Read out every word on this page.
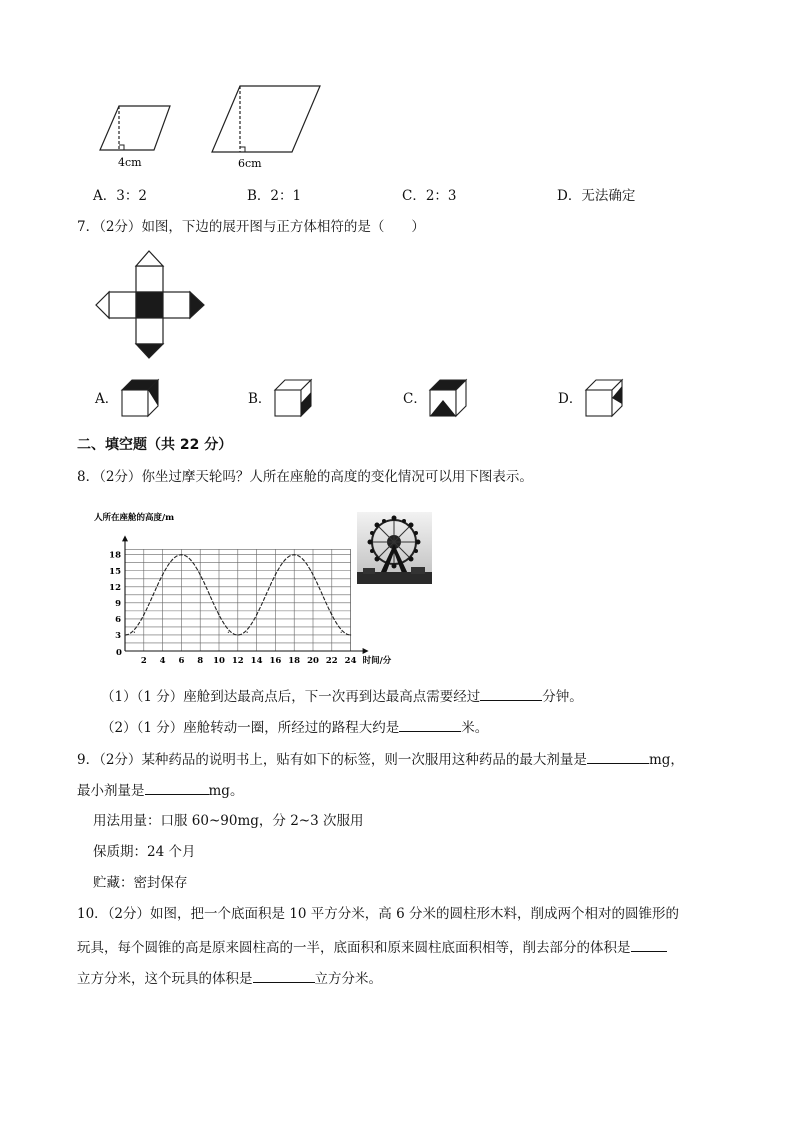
4cm	6cm
A．3：2	B．2：1	C．2：3	D．无法确定
7．（2分）如图，下边的展开图与正方体相符的是（　　）
A．	B．	C．	D．
二、填空题（共 22 分）
8．（2分）你坐过摩天轮吗？人所在座舱的高度的变化情况可以用下图表示。
人所在座舱的高度/m
时间/分
0
3
6
9
12
15
18
2 4 6 8 10 12 14 16 18 20 22 24
（1）（1 分）座舱到达最高点后，下一次再到达最高点需要经过	分钟。
（2）（1 分）座舱转动一圈，所经过的路程大约是	米。
9．（2分）某种药品的说明书上，贴有如下的标签，则一次服用这种药品的最大剂量是	mg，
最小剂量是	mg。
用法用量：口服 60~90mg，分 2~3 次服用
保质期：24 个月
贮藏：密封保存
10．（2分）如图，把一个底面积是 10 平方分米，高 6 分米的圆柱形木料，削成两个相对的圆锥形的
玩具，每个圆锥的高是原来圆柱高的一半，底面积和原来圆柱底面积相等，削去部分的体积是
立方分米，这个玩具的体积是	立方分米。
